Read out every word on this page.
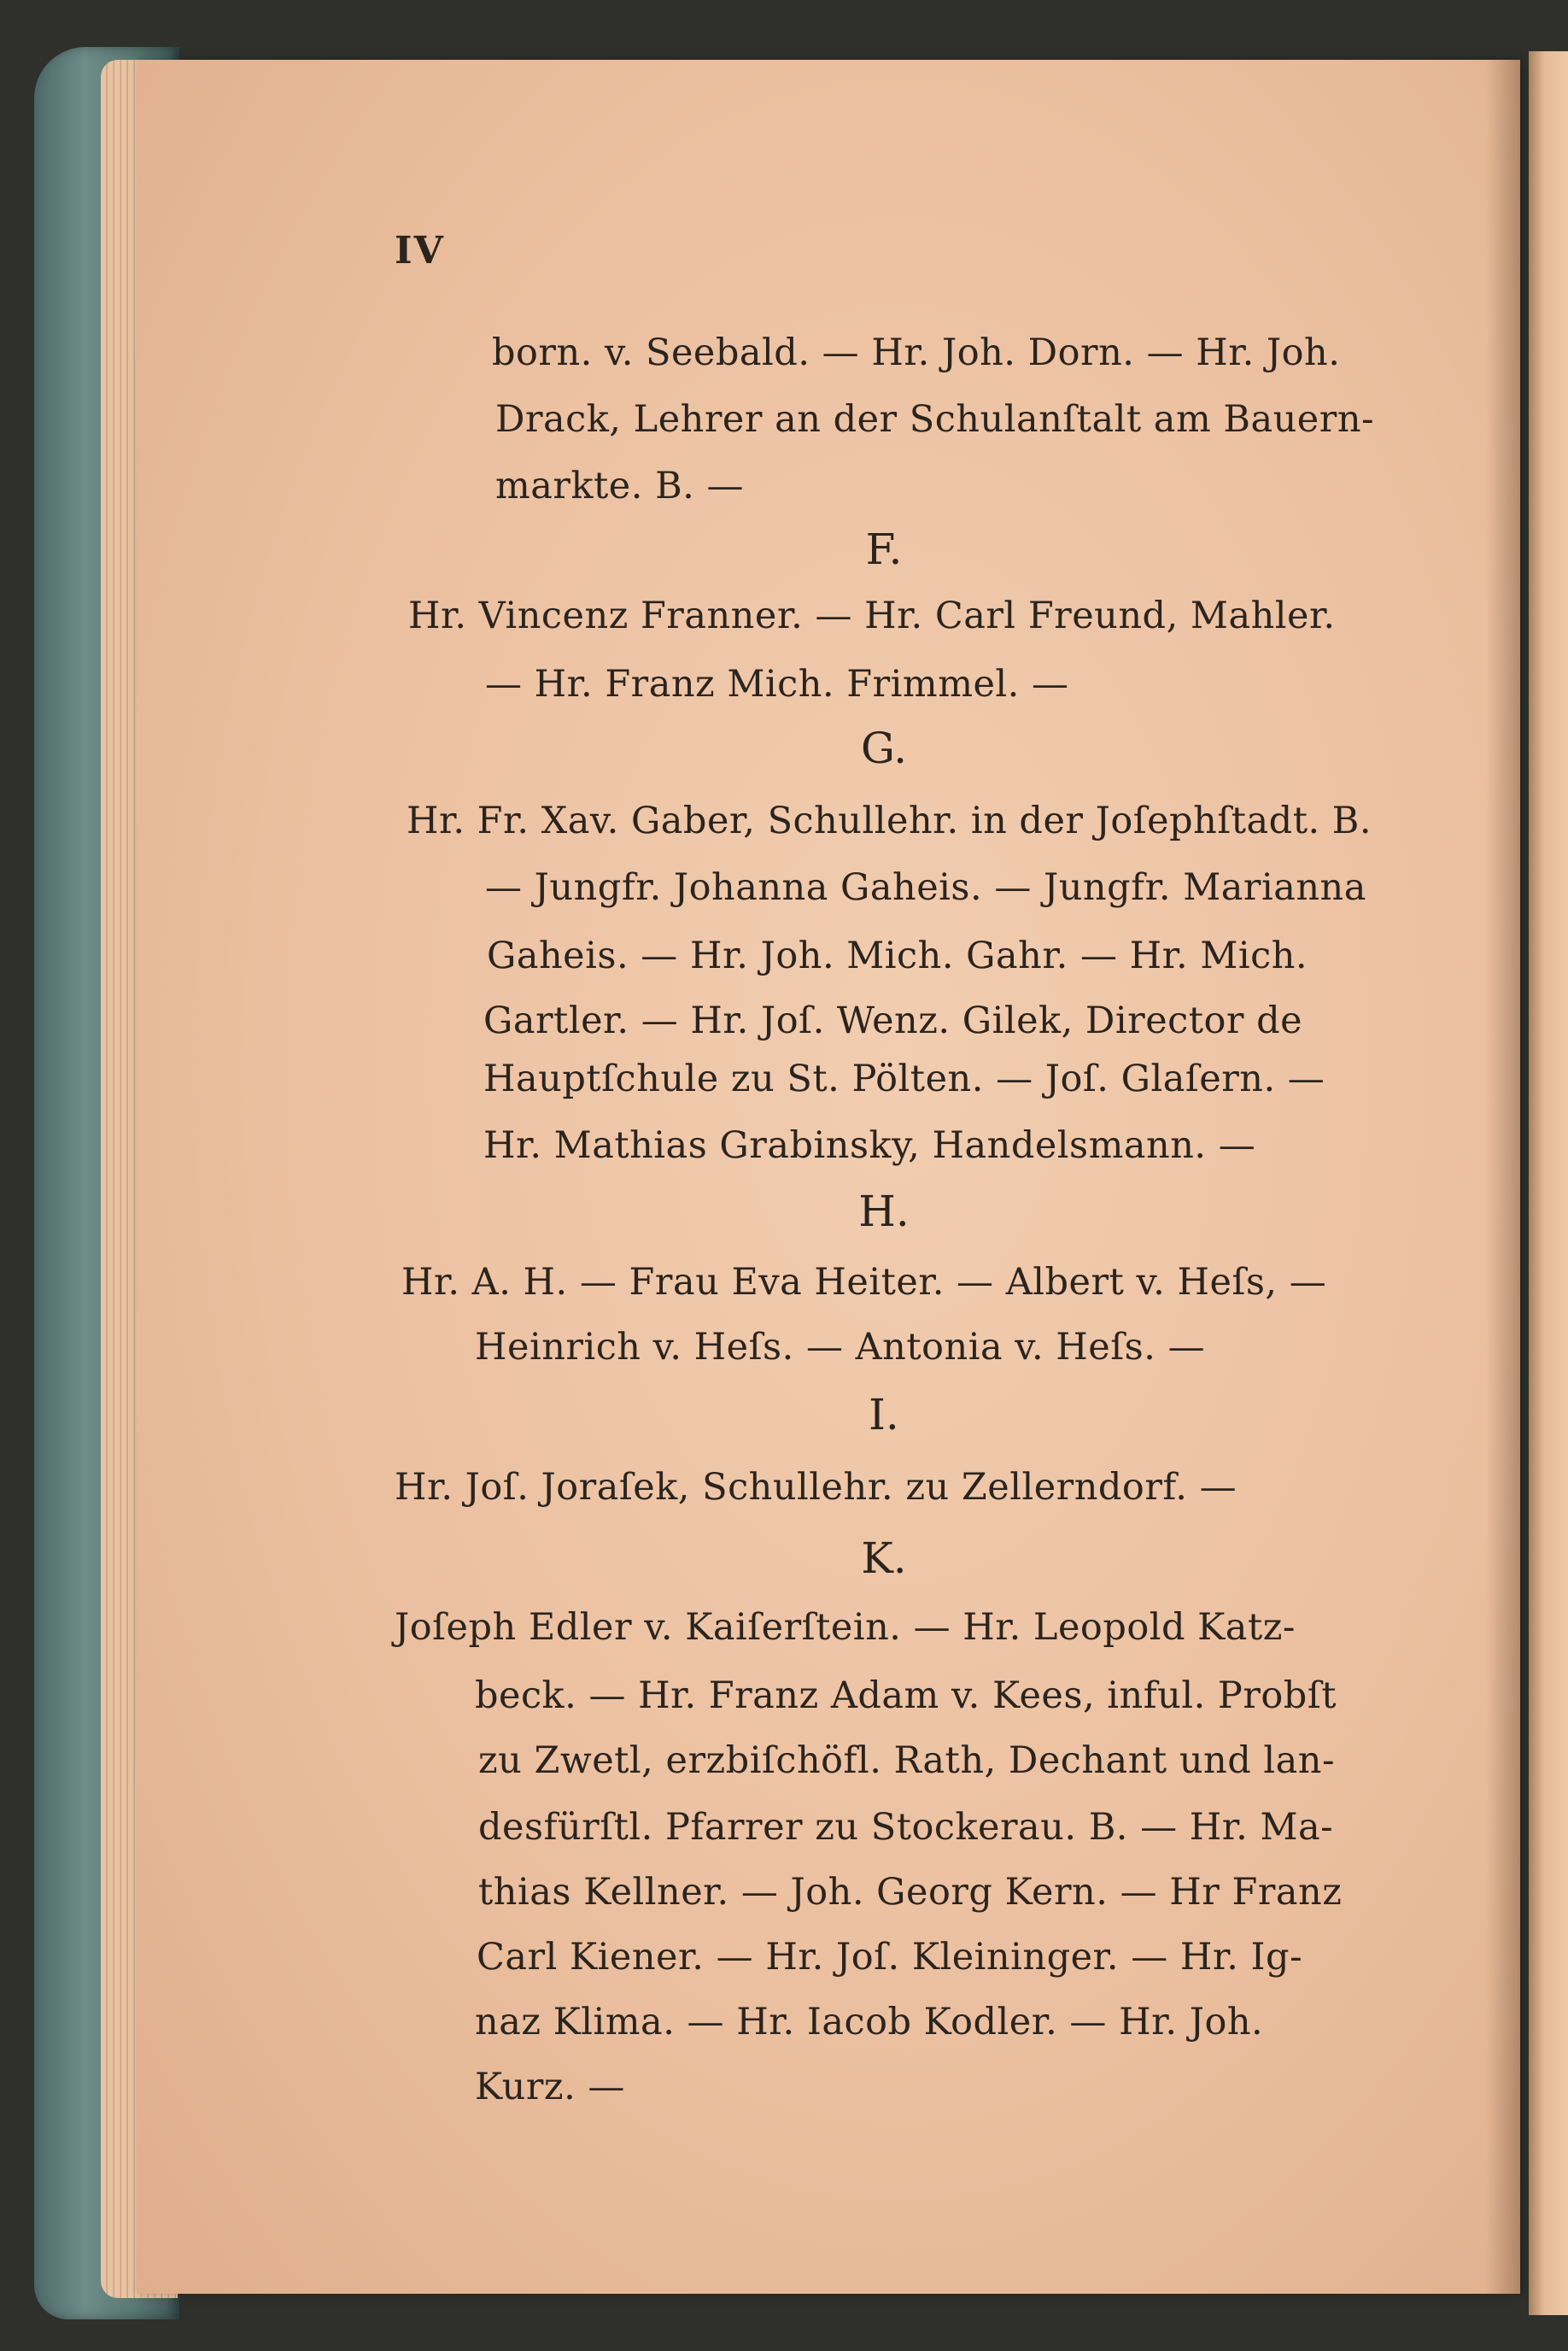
IV
born. v. Seebald. — Hr. Joh. Dorn. — Hr. Joh.
Drack, Lehrer an der Schulanſtalt am Bauern-
markte. B. —
F.
Hr. Vincenz Franner. — Hr. Carl Freund, Mahler.
— Hr. Franz Mich. Frimmel. —
G.
Hr. Fr. Xav. Gaber, Schullehr. in der Joſephſtadt. B.
— Jungfr. Johanna Gaheis. — Jungfr. Marianna
Gaheis. — Hr. Joh. Mich. Gahr. — Hr. Mich.
Gartler. — Hr. Joſ. Wenz. Gilek, Director de
Hauptſchule zu St. Pölten. — Joſ. Glaſern. —
Hr. Mathias Grabinsky, Handelsmann. —
H.
Hr. A. H. — Frau Eva Heiter. — Albert v. Heſs, —
Heinrich v. Heſs. — Antonia v. Heſs. —
I.
Hr. Joſ. Joraſek, Schullehr. zu Zellerndorf. —
K.
Joſeph Edler v. Kaiſerſtein. — Hr. Leopold Katz-
beck. — Hr. Franz Adam v. Kees, inful. Probſt
zu Zwetl, erzbiſchöfl. Rath, Dechant und lan-
desfürſtl. Pfarrer zu Stockerau. B. — Hr. Ma-
thias Kellner. — Joh. Georg Kern. — Hr Franz
Carl Kiener. — Hr. Joſ. Kleininger. — Hr. Ig-
naz Klima. — Hr. Iacob Kodler. — Hr. Joh.
Kurz. —
